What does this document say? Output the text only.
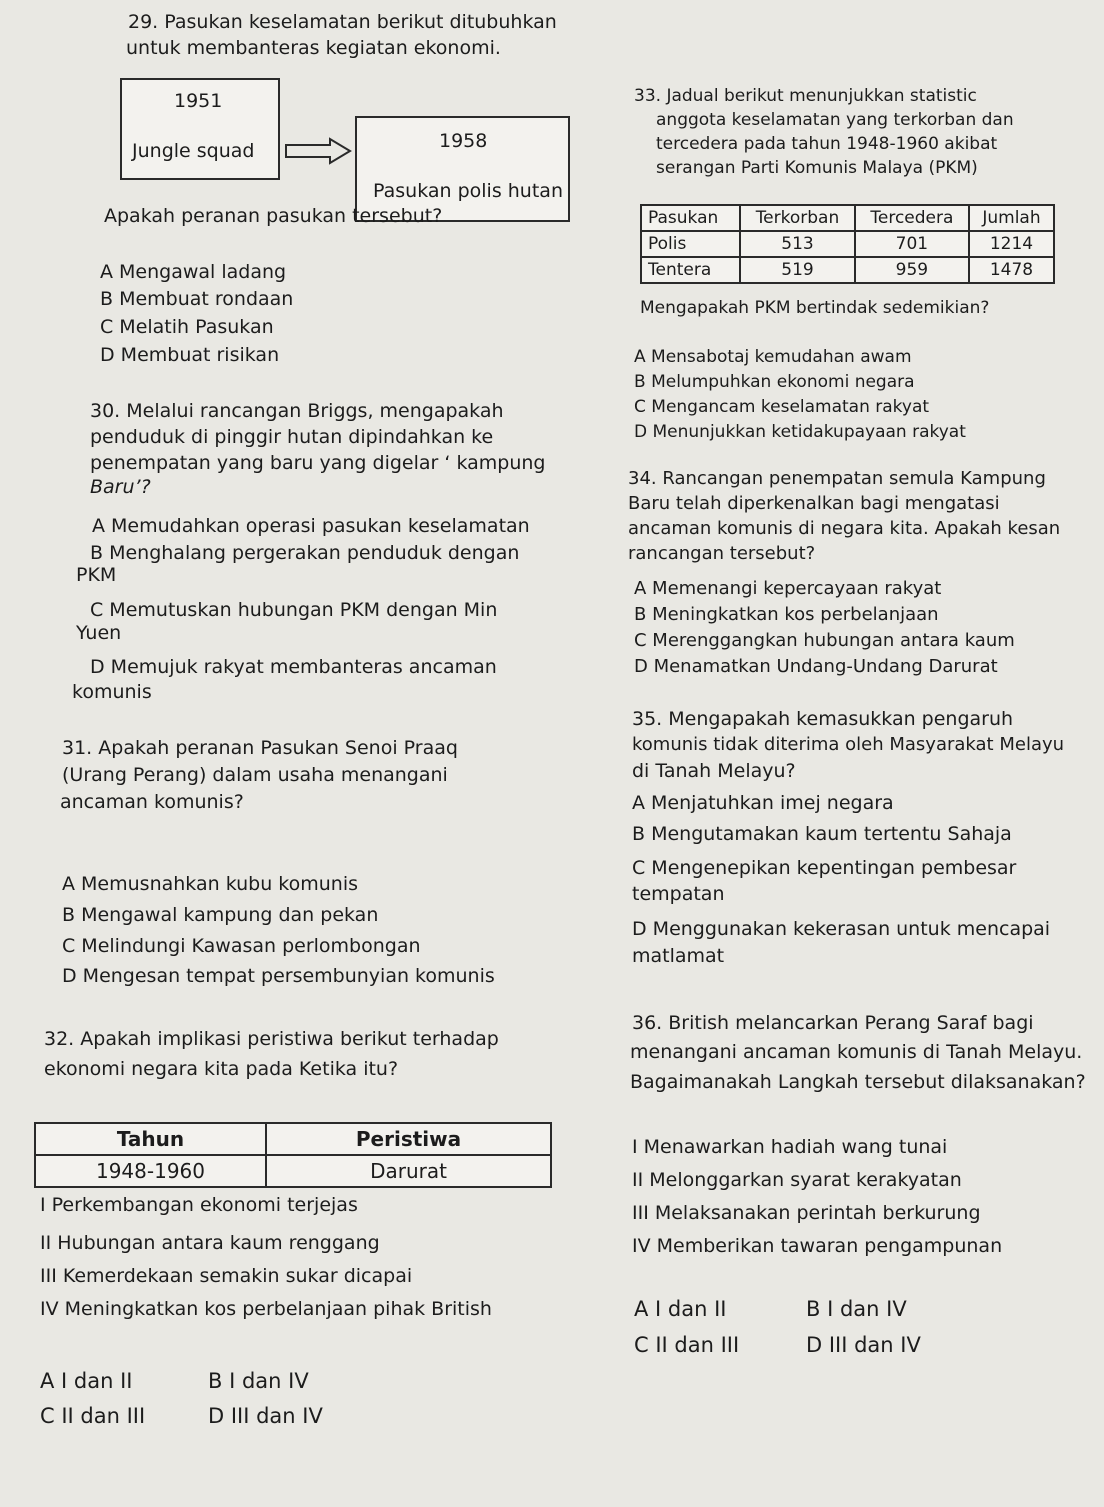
29. Pasukan keselamatan berikut ditubuhkan
untuk membanteras kegiatan ekonomi.
1951
Jungle squad	1958
Pasukan polis hutan
Apakah peranan pasukan tersebut?
A Mengawal ladang
B Membuat rondaan
C Melatih Pasukan
D Membuat risikan
30. Melalui rancangan Briggs, mengapakah
penduduk di pinggir hutan dipindahkan ke
penempatan yang baru yang digelar ‘ kampung
Baru’?
A Memudahkan operasi pasukan keselamatan
B Menghalang pergerakan penduduk dengan
PKM
C Memutuskan hubungan PKM dengan Min
Yuen
D Memujuk rakyat membanteras ancaman
komunis
31. Apakah peranan Pasukan Senoi Praaq
(Urang Perang) dalam usaha menangani
ancaman komunis?
A Memusnahkan kubu komunis
B Mengawal kampung dan pekan
C Melindungi Kawasan perlombongan
D Mengesan tempat persembunyian komunis
32. Apakah implikasi peristiwa berikut terhadap
ekonomi negara kita pada Ketika itu?
Tahun	Peristiwa
1948-1960	Darurat
I Perkembangan ekonomi terjejas
II Hubungan antara kaum renggang
III Kemerdekaan semakin sukar dicapai
IV Meningkatkan kos perbelanjaan pihak British
A I dan II	B I dan IV
C II dan III	D III dan IV
33. Jadual berikut menunjukkan statistic
anggota keselamatan yang terkorban dan
tercedera pada tahun 1948-1960 akibat
serangan Parti Komunis Malaya (PKM)
Pasukan	Terkorban	Tercedera	Jumlah
Polis	513	701	1214
Tentera	519	959	1478
Mengapakah PKM bertindak sedemikian?
A Mensabotaj kemudahan awam
B Melumpuhkan ekonomi negara
C Mengancam keselamatan rakyat
D Menunjukkan ketidakupayaan rakyat
34. Rancangan penempatan semula Kampung
Baru telah diperkenalkan bagi mengatasi
ancaman komunis di negara kita. Apakah kesan
rancangan tersebut?
A Memenangi kepercayaan rakyat
B Meningkatkan kos perbelanjaan
C Merenggangkan hubungan antara kaum
D Menamatkan Undang-Undang Darurat
35. Mengapakah kemasukkan pengaruh
komunis tidak diterima oleh Masyarakat Melayu
di Tanah Melayu?
A Menjatuhkan imej negara
B Mengutamakan kaum tertentu Sahaja
C Mengenepikan kepentingan pembesar
tempatan
D Menggunakan kekerasan untuk mencapai
matlamat
36. British melancarkan Perang Saraf bagi
menangani ancaman komunis di Tanah Melayu.
Bagaimanakah Langkah tersebut dilaksanakan?
I Menawarkan hadiah wang tunai
II Melonggarkan syarat kerakyatan
III Melaksanakan perintah berkurung
IV Memberikan tawaran pengampunan
A I dan II	B I dan IV
C II dan III	D III dan IV
